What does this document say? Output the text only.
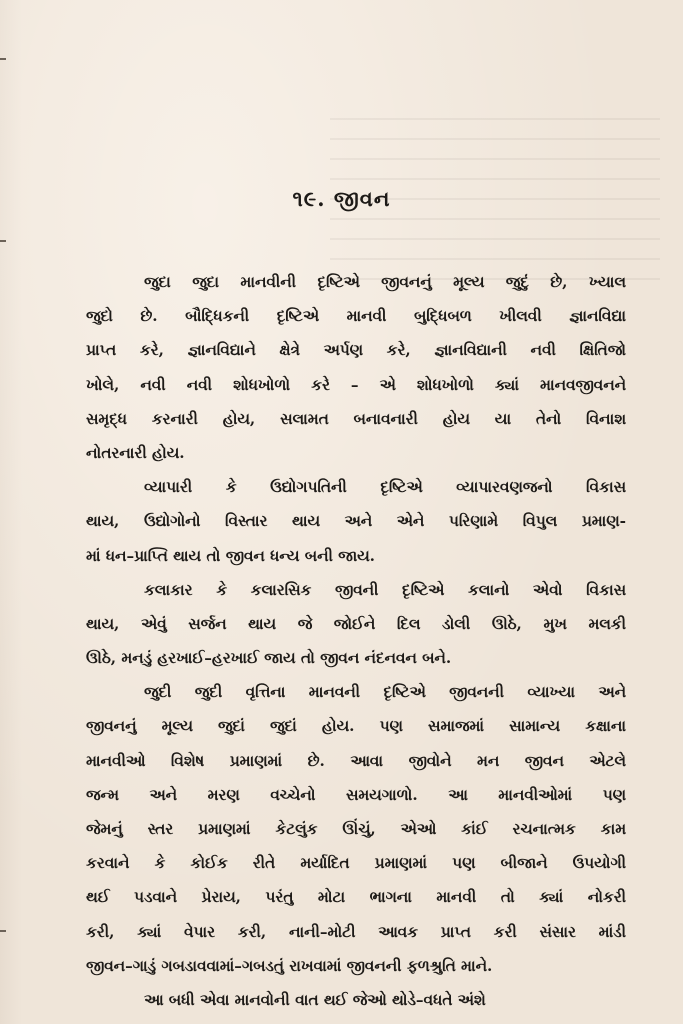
૧૯. જીવન
જુદા જુદા માનવીની દૃષ્ટિએ જીવનનું મૂલ્ય જુદું છે, ખ્યાલ
જુદો છે. બૌદ્ધિકની દૃષ્ટિએ માનવી બુદ્ધિબળ ખીલવી જ્ઞાનવિદ્યા
પ્રાપ્ત કરે, જ્ઞાનવિદ્યાને ક્ષેત્રે અર્પણ કરે, જ્ઞાનવિદ્યાની નવી ક્ષિતિજો
ખોલે, નવી નવી શોધખોળો કરે – એ શોધખોળો ક્યાં માનવજીવનને
સમૃદ્ધ કરનારી હોય, સલામત બનાવનારી હોય યા તેનો વિનાશ
નોતરનારી હોય.
વ્યાપારી કે ઉદ્યોગપતિની દૃષ્ટિએ વ્યાપારવણજનો વિકાસ
થાય, ઉદ્યોગોનો વિસ્તાર થાય અને એને પરિણામે વિપુલ પ્રમાણ-
માં ધન–પ્રાપ્તિ થાય તો જીવન ધન્ય બની જાય.
કલાકાર કે કલારસિક જીવની દૃષ્ટિએ કલાનો એવો વિકાસ
થાય, એવું સર્જન થાય જે જોઈને દિલ ડોલી ઊઠે, મુખ મલકી
ઊઠે, મનડું હરખાઈ–હરખાઈ જાય તો જીવન નંદનવન બને.
જુદી જુદી વૃત્તિના માનવની દૃષ્ટિએ જીવનની વ્યાખ્યા અને
જીવનનું મૂલ્ય જુદાં જુદાં હોય. પણ સમાજમાં સામાન્ય કક્ષાના
માનવીઓ વિશેષ પ્રમાણમાં છે. આવા જીવોને મન જીવન એટલે
જન્મ અને મરણ વચ્ચેનો સમયગાળો. આ માનવીઓમાં પણ
જેમનું સ્તર પ્રમાણમાં કેટલુંક ઊંચું, એઓ કાંઈ રચનાત્મક કામ
કરવાને કે કોઈક રીતે મર્યાદિત પ્રમાણમાં પણ બીજાને ઉપયોગી
થઈ પડવાને પ્રેરાય, પરંતુ મોટા ભાગના માનવી તો ક્યાં નોકરી
કરી, ક્યાં વેપાર કરી, નાની–મોટી આવક પ્રાપ્ત કરી સંસાર માંડી
જીવન–ગાડું ગબડાવવામાં–ગબડતું રાખવામાં જીવનની ફળશ્રુતિ માને.
આ બધી એવા માનવોની વાત થઈ જેઓ થોડે–વધતે અંશે
